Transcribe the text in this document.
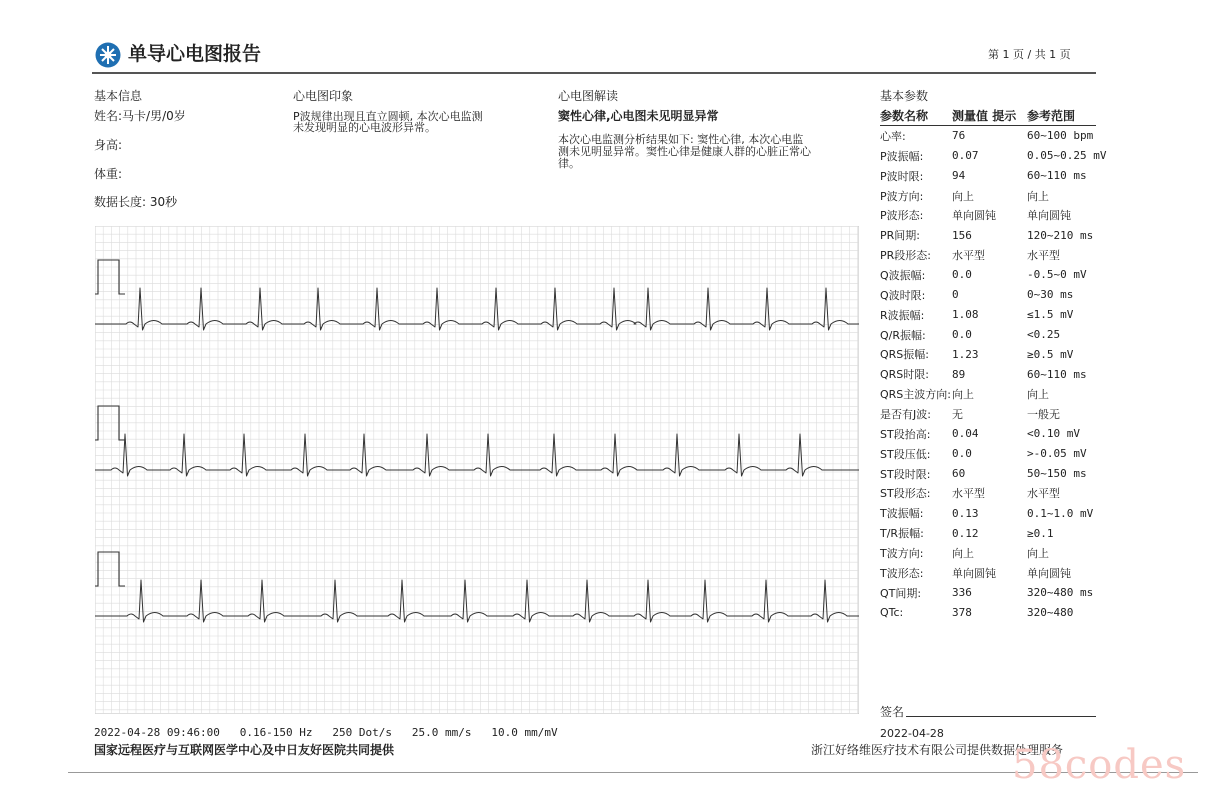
单导心电图报告	第 1 页 / 共 1 页
基本信息
姓名:马卡/男/0岁
身高:
体重:
数据长度: 30秒
心电图印象
P波规律出现且直立圆顿, 本次心电监测
未发现明显的心电波形异常。
心电图解读
窦性心律,心电图未见明显异常
本次心电监测分析结果如下: 窦性心律, 本次心电监
测未见明显异常。窦性心律是健康人群的心脏正常心
律。
基本参数
参数名称	测量值 提示	参考范围
心率:	76	60~100 bpm
P波振幅:	0.07	0.05~0.25 mV
P波时限:	94	60~110 ms
P波方向:	向上	向上
P波形态:	单向圆钝	单向圆钝
PR间期:	156	120~210 ms
PR段形态:	水平型	水平型
Q波振幅:	0.0	-0.5~0 mV
Q波时限:	0	0~30 ms
R波振幅:	1.08	≤1.5 mV
Q/R振幅:	0.0	<0.25
QRS振幅:	1.23	≥0.5 mV
QRS时限:	89	60~110 ms
QRS主波方向:	向上	向上
是否有J波:	无	一般无
ST段抬高:	0.04	<0.10 mV
ST段压低:	0.0	>-0.05 mV
ST段时限:	60	50~150 ms
ST段形态:	水平型	水平型
T波振幅:	0.13	0.1~1.0 mV
T/R振幅:	0.12	≥0.1
T波方向:	向上	向上
T波形态:	单向圆钝	单向圆钝
QT间期:	336	320~480 ms
QTc:	378	320~480
2022-04-28 09:46:00   0.16-150 Hz   250 Dot/s   25.0 mm/s   10.0 mm/mV
国家远程医疗与互联网医学中心及中日友好医院共同提供
签名
2022-04-28
浙江好络维医疗技术有限公司提供数据处理服务
58codes
